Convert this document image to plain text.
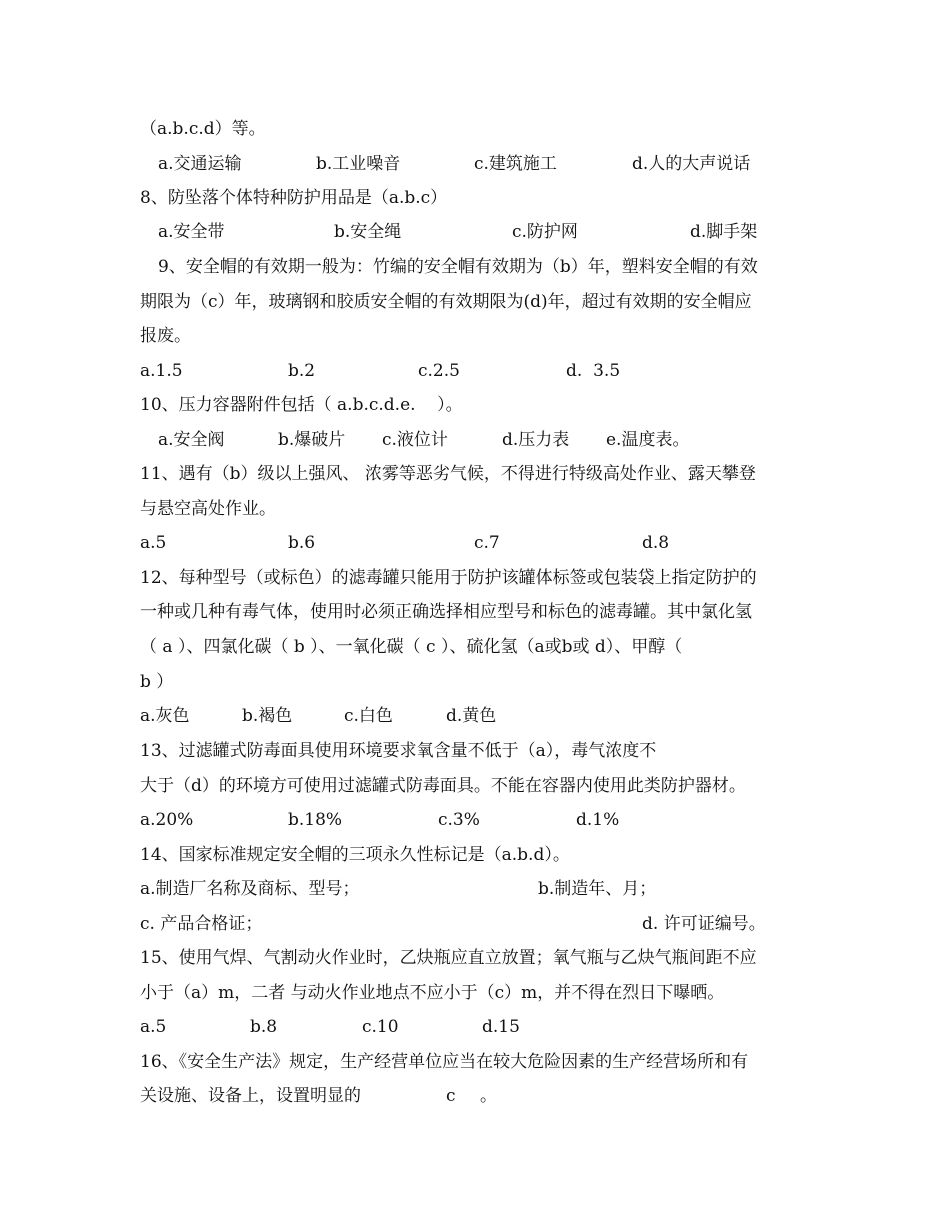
（a.b.c.d）等。
a.交通运输	b.工业噪音	c.建筑施工	d.人的大声说话
8、防坠落个体特种防护用品是（a.b.c）
a.安全带	b.安全绳	c.防护网	d.脚手架
9、安全帽的有效期一般为：竹编的安全帽有效期为（b）年，塑料安全帽的有效
期限为（c）年，玻璃钢和胶质安全帽的有效期限为(d)年，超过有效期的安全帽应
报废。
a.1.5	b.2	c.2.5	d.  3.5
10、压力容器附件包括（ a.b.c.d.e.    ）。
a.安全阀	b.爆破片 c.液位计	d.压力表 e.温度表。
11、遇有（b）级以上强风、 浓雾等恶劣气候，不得进行特级高处作业、露天攀登
与悬空高处作业。
a.5	b.6	c.7	d.8
12、每种型号（或标色）的滤毒罐只能用于防护该罐体标签或包装袋上指定防护的
一种或几种有毒气体，使用时必须正确选择相应型号和标色的滤毒罐。其中氯化氢
（ a ）、四氯化碳（ b ）、一氧化碳（ c ）、硫化氢（a或b或 d）、甲醇（
b ）
a.灰色	b.褐色	c.白色	d.黄色
13、过滤罐式防毒面具使用环境要求氧含量不低于（a），毒气浓度不
大于（d）的环境方可使用过滤罐式防毒面具。不能在容器内使用此类防护器材。
a.20%	b.18%	c.3%	d.1%
14、国家标准规定安全帽的三项永久性标记是（a.b.d）。
a.制造厂名称及商标、型号；	b.制造年、月；
c. 产品合格证；	d. 许可证编号。
15、使用气焊、气割动火作业时，乙炔瓶应直立放置；氧气瓶与乙炔气瓶间距不应
小于（a）m，二者 与动火作业地点不应小于（c）m，并不得在烈日下曝晒。
a.5	b.8	c.10	d.15
16、《安全生产法》规定，生产经营单位应当在较大危险因素的生产经营场所和有
关设施、设备上，设置明显的	c 。
